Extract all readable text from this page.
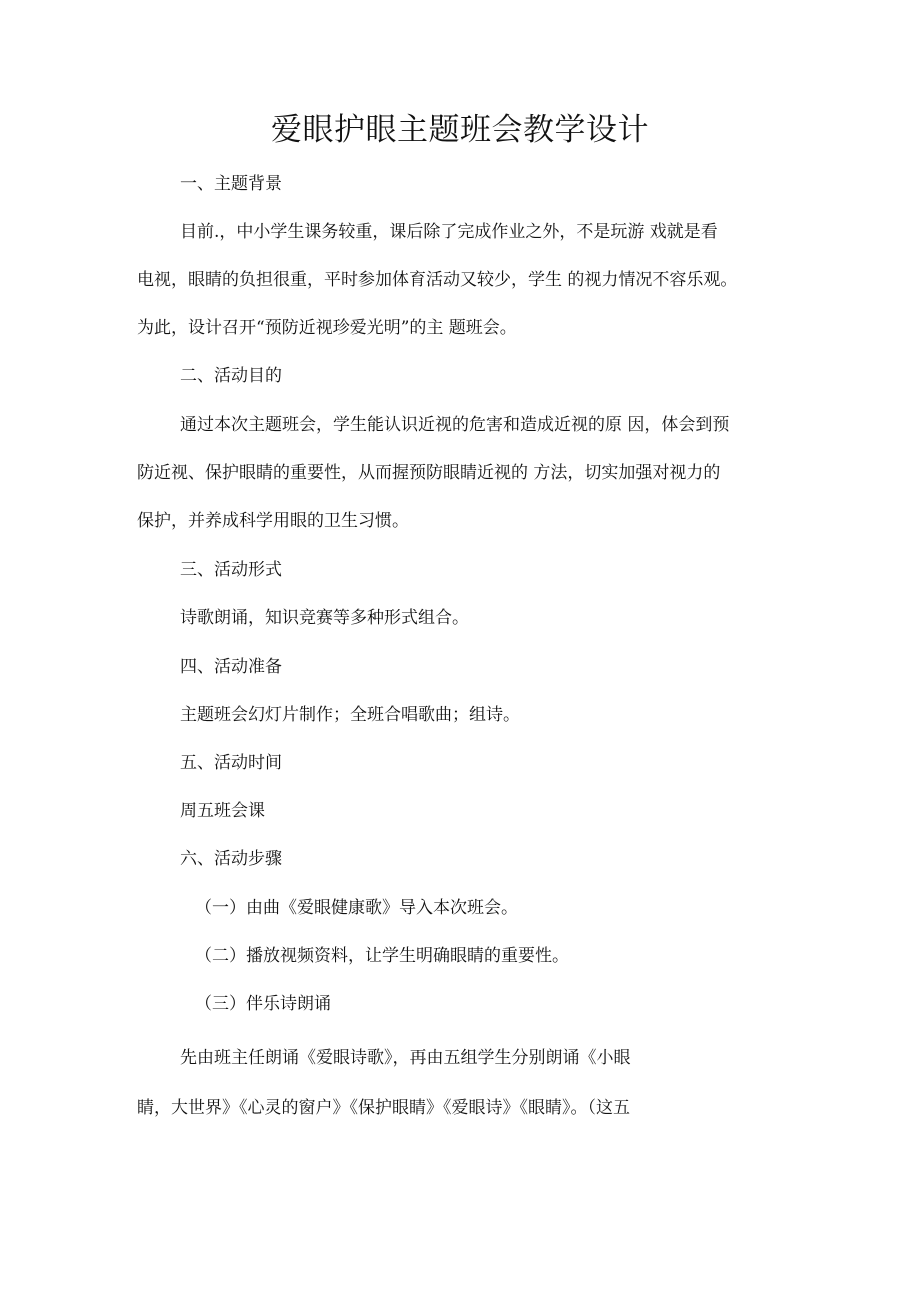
爱眼护眼主题班会教学设计
一、主题背景
目前.，中小学生课务较重，课后除了完成作业之外，不是玩游 戏就是看
电视，眼睛的负担很重，平时参加体育活动又较少，学生 的视力情况不容乐观。
为此，设计召开“预防近视珍爱光明”的主 题班会。
二、活动目的
通过本次主题班会，学生能认识近视的危害和造成近视的原 因，体会到预
防近视、保护眼睛的重要性，从而握预防眼睛近视的 方法，切实加强对视力的
保护，并养成科学用眼的卫生习惯。
三、活动形式
诗歌朗诵，知识竞赛等多种形式组合。
四、活动准备
主题班会幻灯片制作；全班合唱歌曲；组诗。
五、活动时间
周五班会课
六、活动步骤
（一）由曲《爱眼健康歌》导入本次班会。
（二）播放视频资料，让学生明确眼睛的重要性。
（三）伴乐诗朗诵
先由班主任朗诵《爱眼诗歌》，再由五组学生分别朗诵《小眼
睛，大世界》《心灵的窗户》《保护眼睛》《爱眼诗》《眼睛》。（这五
